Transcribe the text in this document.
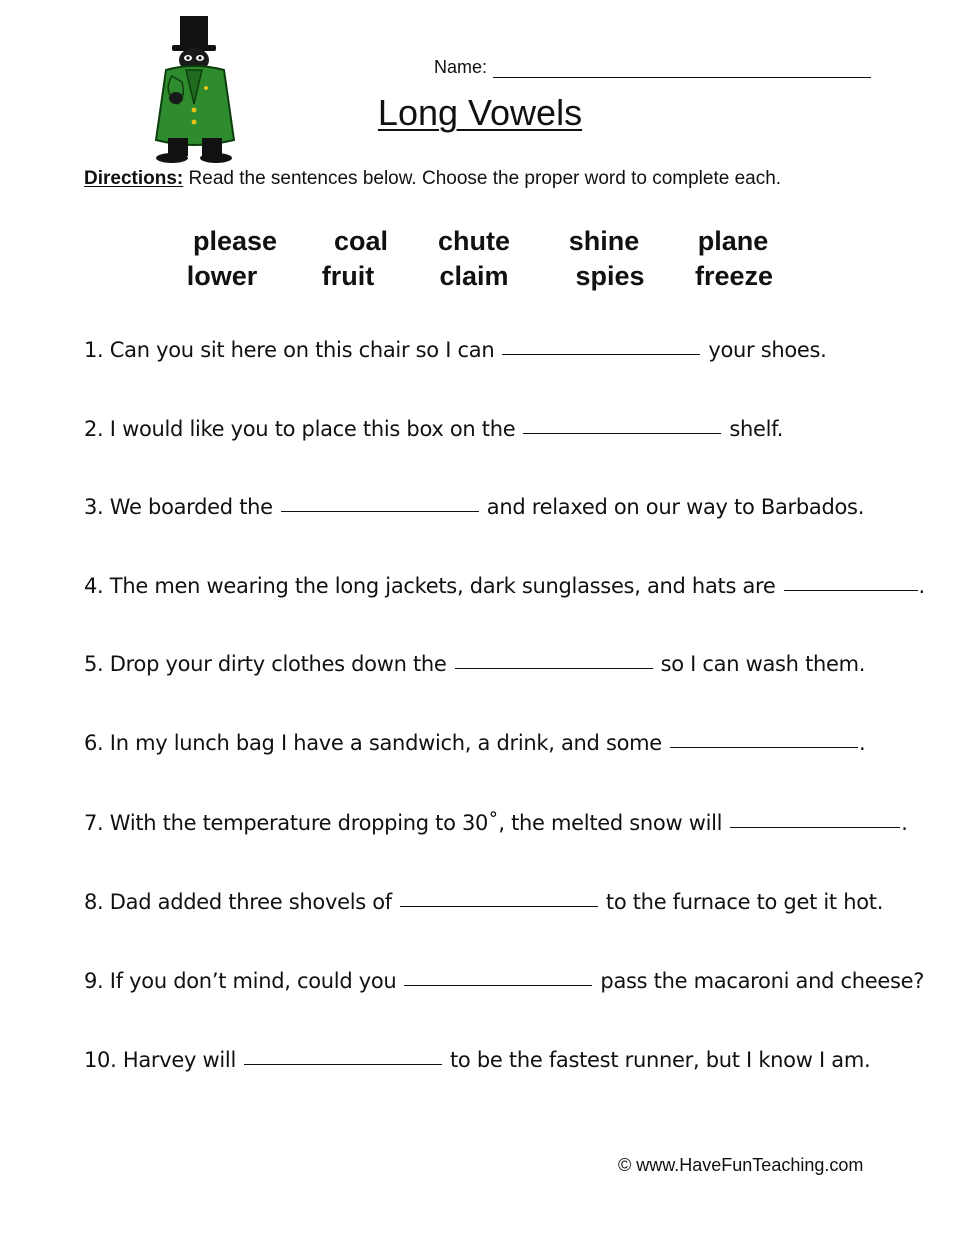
Name:
Long Vowels
Directions: Read the sentences below. Choose the proper word to complete each.
please coal chute shine plane
lower fruit claim spies freeze
1. Can you sit here on this chair so I can	your shoes.
2. I would like you to place this box on the	shelf.
3. We boarded the	and relaxed on our way to Barbados.
4. The men wearing the long jackets, dark sunglasses, and hats are	.
5. Drop your dirty clothes down the	so I can wash them.
6. In my lunch bag I have a sandwich, a drink, and some	.
7. With the temperature dropping to 30˚, the melted snow will	.
8. Dad added three shovels of	to the furnace to get it hot.
9. If you don’t mind, could you	pass the macaroni and cheese?
10. Harvey will	to be the fastest runner, but I know I am.
© www.HaveFunTeaching.com
